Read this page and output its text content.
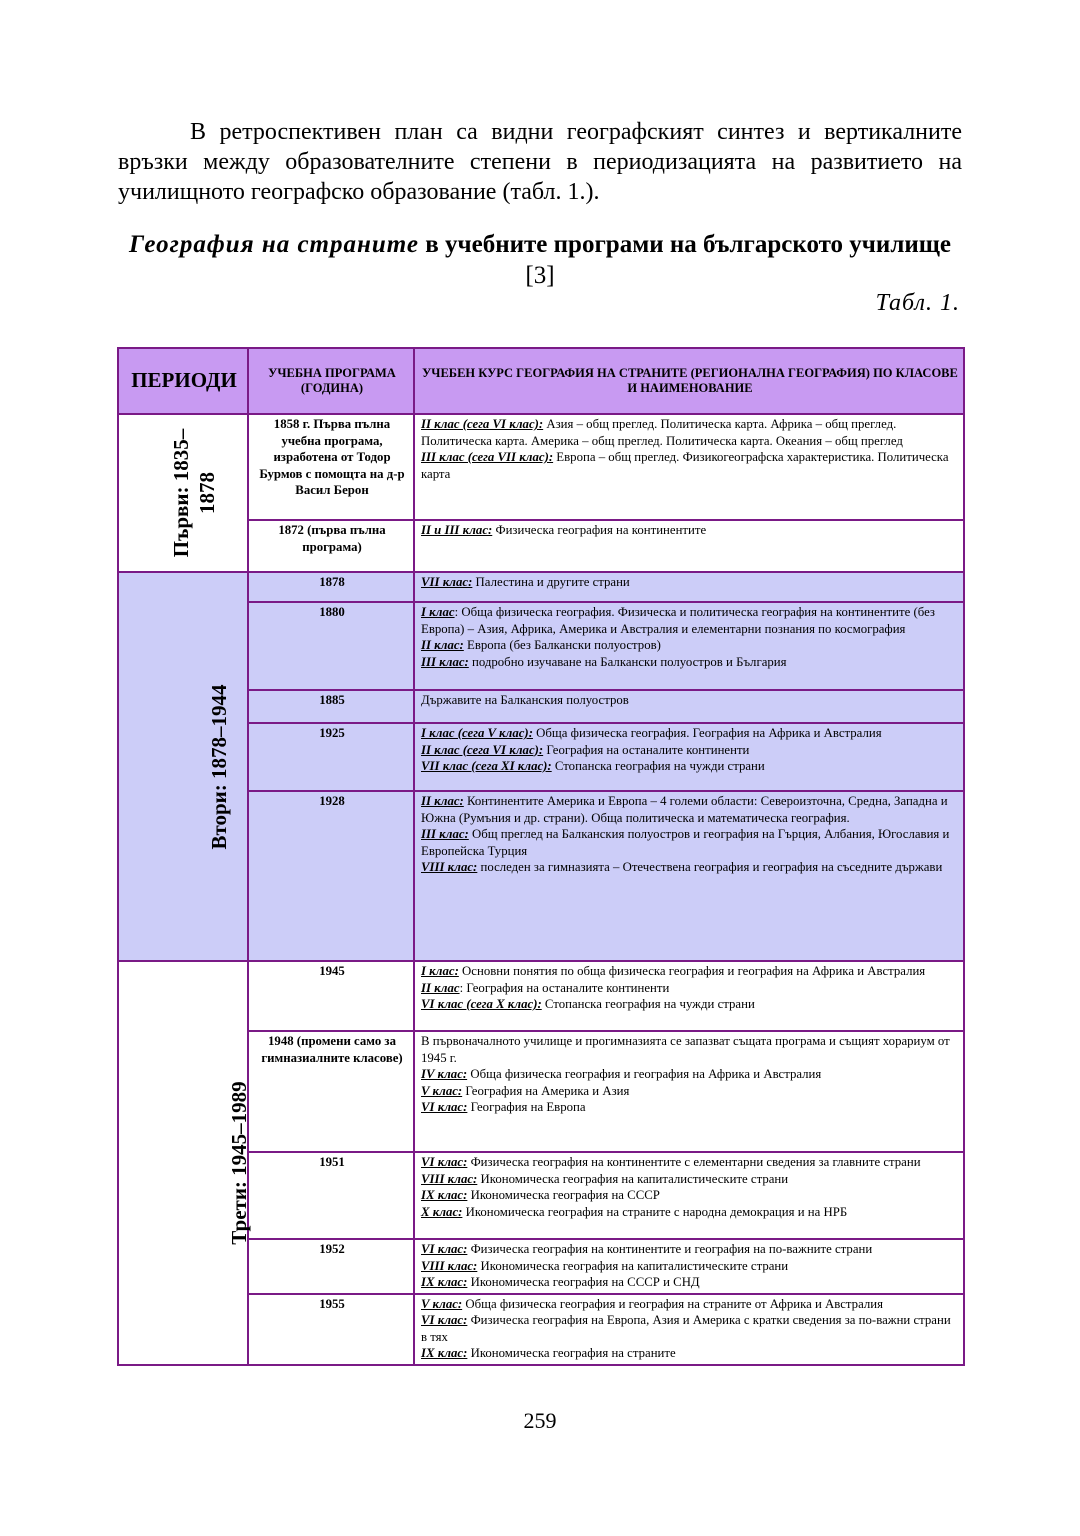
В ретроспективен план са видни географският синтез и вертикалните връзки между образователните степени в периодизацията на развитието на училищното географско образование (табл. 1.).

География на страните в учебните програми на българското училище [3]

Табл. 1.
ПЕРИОДИ	УЧЕБНА ПРОГРАМА (ГОДИНА)	УЧЕБЕН КУРС ГЕОГРАФИЯ НА СТРАНИТЕ (РЕГИОНАЛНА ГЕОГРАФИЯ) ПО КЛАСОВЕ И НАИМЕНОВАНИЕ
Първи: 1835–1878	1858 г. Първа пълна учебна програма, изработена от Тодор Бурмов с помощта на д-р Васил Берон	II клас (сега VI клас): Азия – общ преглед. Политическа карта. Африка – общ преглед. Политическа карта. Америка – общ преглед. Политическа карта. Океания – общ преглед
III клас (сега VII клас): Европа – общ преглед. Физикогеографска характеристика. Политическа карта

	1872 (първа пълна програма)	II и III клас: Физическа география на континентите

Втори: 1878–1944	1878	VII клас: Палестина и другите страни

	1880	I клас: Обща физическа география. Физическа и политическа география на континентите (без Европа) – Азия, Африка, Америка и Австралия и елементарни познания по космография
II клас: Европа (без Балкански полуостров)
III клас: подробно изучаване на Балкански полуостров и България

	1885	Държавите на Балканския полуостров

	1925	I клас (сега V клас): Обща физическа география. География на Африка и Австралия
II клас (сега VI клас): География на останалите континенти
VII клас (сега XI клас): Стопанска география на чужди страни

	1928	II клас: Континентите Америка и Европа – 4 големи области: Североизточна, Средна, Западна и Южна (Румъния и др. страни). Обща политическа и математическа география.
III клас: Общ преглед на Балканския полуостров и география на Гърция, Албания, Югославия и Европейска Турция
VIII клас: последен за гимназията – Отечествена география и география на съседните държави

Трети: 1945–1989	1945	I клас: Основни понятия по обща физическа география и география на Африка и Австралия
II клас: География на останалите континенти
VI клас (сега X клас): Стопанска география на чужди страни

	1948 (промени само за гимназиалните класове)	В първоначалното училище и прогимназията се запазват същата програма и същият хорариум от 1945 г.
IV клас: Обща физическа география и география на Африка и Австралия
V клас: География на Америка и Азия
VI клас: География на Европа

	1951	VI клас: Физическа география на континентите с елементарни сведения за главните страни
VIII клас: Икономическа география на капиталистическите страни
IX клас: Икономическа география на СССР
X клас: Икономическа география на страните с народна демокрация и на НРБ

	1952	VI клас: Физическа география на континентите и география на по-важните страни
VIII клас: Икономическа география на капиталистическите страни
IX клас: Икономическа география на СССР и СНД

	1955	V клас: Обща физическа география и география на страните от Африка и Австралия
VI клас: Физическа география на Европа, Азия и Америка с кратки сведения за по-важни страни в тях
IX клас: Икономическа география на страните
259
